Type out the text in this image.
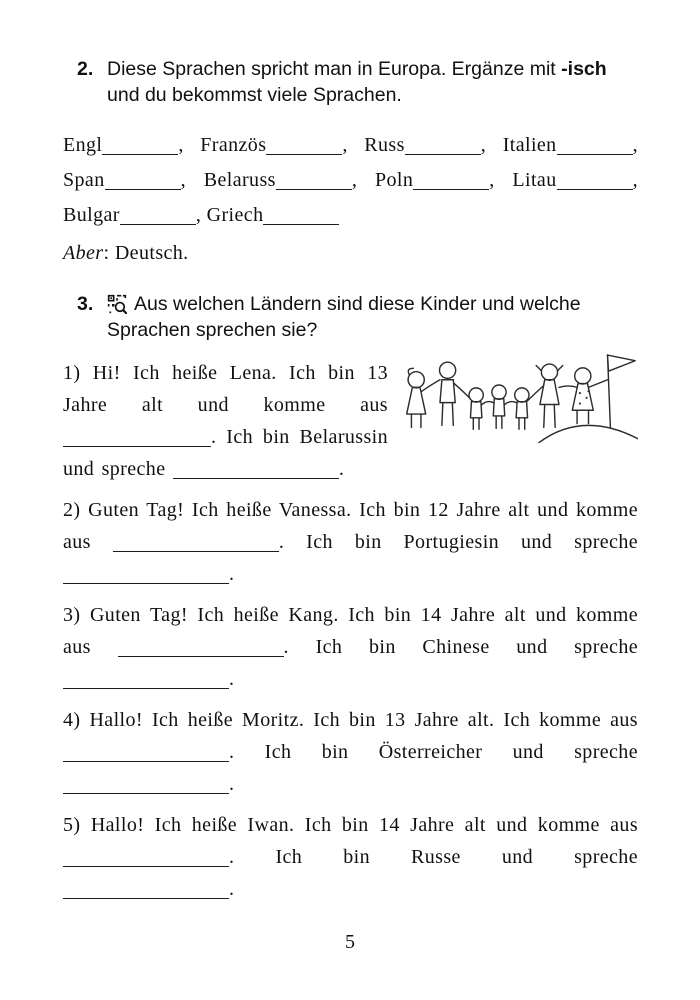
2. Diese Sprachen spricht man in Europa. Ergänze mit -isch
und du bekommst viele Sprachen.

Engl	, Französ	, Russ	, Italien	, Span	, Belaruss	, Poln	, Litau	, Bulgar	, Griech

Aber: Deutsch.

3.	Aus welchen Ländern sind diese Kinder und welche
Sprachen sprechen sie?

1) Hi! Ich heiße Lena. Ich bin 13 Jahre alt und komme aus . Ich bin Belarussin und spreche	.

2) Guten Tag! Ich heiße Vanessa. Ich bin 12 Jahre alt und komme aus	. Ich bin Portugiesin und spreche .

3) Guten Tag! Ich heiße Kang. Ich bin 14 Jahre alt und komme aus	. Ich bin Chinese und spreche .

4) Hallo! Ich heiße Moritz. Ich bin 13 Jahre alt. Ich komme aus . Ich bin Österreicher und spreche .

5) Hallo! Ich heiße Iwan. Ich bin 14 Jahre alt und komme aus . Ich bin Russe und spreche .

5
